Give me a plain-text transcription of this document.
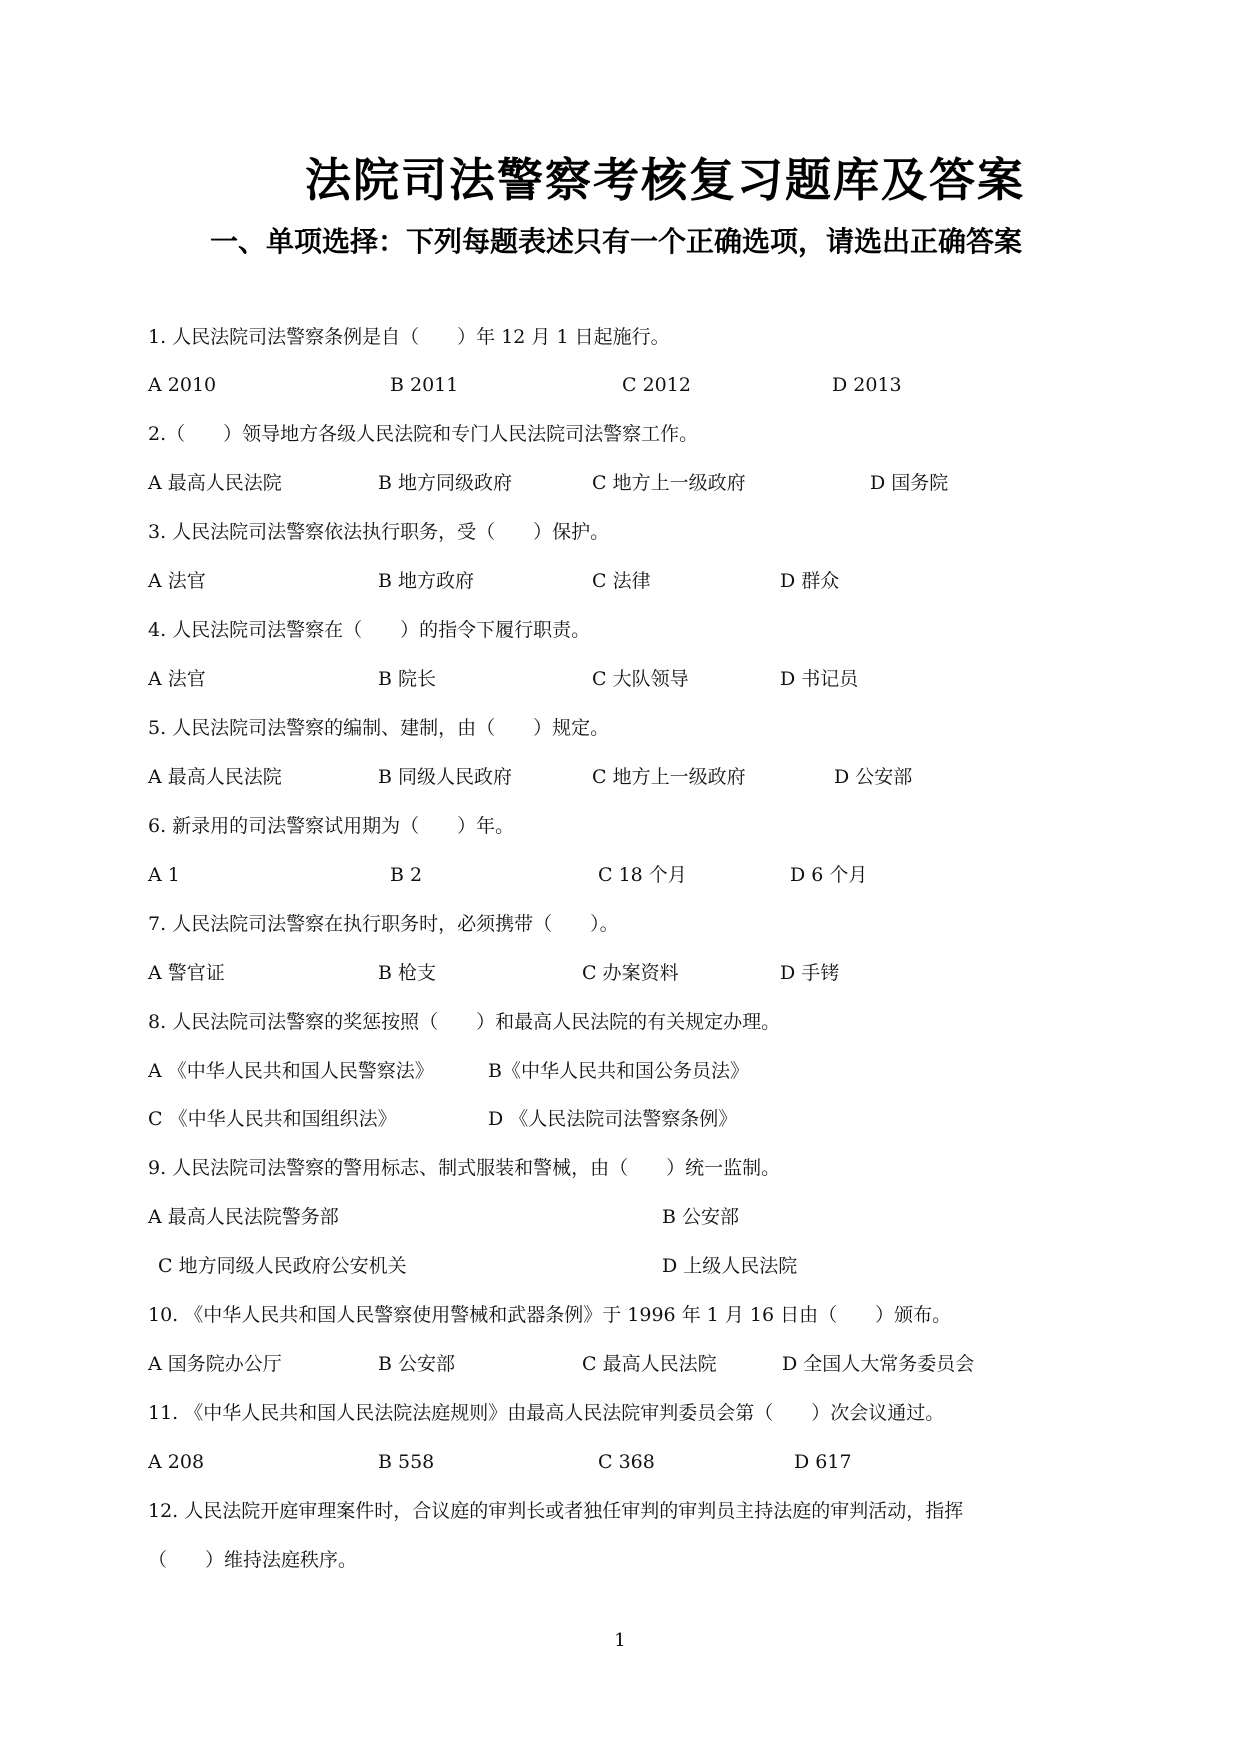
法院司法警察考核复习题库及答案
一、单项选择：下列每题表述只有一个正确选项，请选出正确答案
1. 人民法院司法警察条例是自（　　）年 12 月 1 日起施行。
A 2010	B 2011	C 2012	D 2013
2.（　　）领导地方各级人民法院和专门人民法院司法警察工作。
A 最高人民法院	B 地方同级政府	C 地方上一级政府	D 国务院
3. 人民法院司法警察依法执行职务，受（　　）保护。
A 法官	B 地方政府	C 法律	D 群众
4. 人民法院司法警察在（　　）的指令下履行职责。
A 法官	B 院长	C 大队领导	D 书记员
5. 人民法院司法警察的编制、建制，由（　　）规定。
A 最高人民法院	B 同级人民政府	C 地方上一级政府	D 公安部
6. 新录用的司法警察试用期为（　　）年。
A 1	B 2	C 18 个月	D 6 个月
7. 人民法院司法警察在执行职务时，必须携带（　　）。
A 警官证	B 枪支	C 办案资料	D 手铐
8. 人民法院司法警察的奖惩按照（　　）和最高人民法院的有关规定办理。
A 《中华人民共和国人民警察法》	B《中华人民共和国公务员法》
C 《中华人民共和国组织法》	D 《人民法院司法警察条例》
9. 人民法院司法警察的警用标志、制式服装和警械，由（　　）统一监制。
A 最高人民法院警务部	B 公安部
C 地方同级人民政府公安机关	D 上级人民法院
10. 《中华人民共和国人民警察使用警械和武器条例》于 1996 年 1 月 16 日由（　　）颁布。
A 国务院办公厅	B 公安部	C 最高人民法院	D 全国人大常务委员会
11. 《中华人民共和国人民法院法庭规则》由最高人民法院审判委员会第（　　）次会议通过。
A 208	B 558	C 368	D 617
12. 人民法院开庭审理案件时，合议庭的审判长或者独任审判的审判员主持法庭的审判活动，指挥
（　　）维持法庭秩序。
1
